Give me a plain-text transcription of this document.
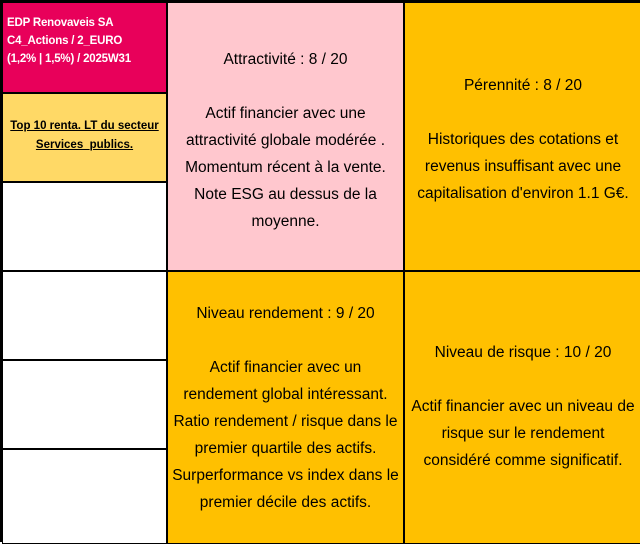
EDP Renovaveis SA
C4_Actions / 2_EURO
(1,2% | 1,5%) / 2025W31
Top 10 renta. LT du secteur
Services_publics.
Attractivité : 8 / 20
Actif financier avec une
attractivité globale modérée .
Momentum récent à la vente.
Note ESG au dessus de la
moyenne.
Pérennité : 8 / 20
Historiques des cotations et
revenus insuffisant avec une
capitalisation d'environ 1.1 G€.
Niveau rendement : 9 / 20
Actif financier avec un
rendement global intéressant.
Ratio rendement / risque dans le
premier quartile des actifs.
Surperformance vs index dans le
premier décile des actifs.
Niveau de risque : 10 / 20
Actif financier avec un niveau de
risque sur le rendement
considéré comme significatif.
